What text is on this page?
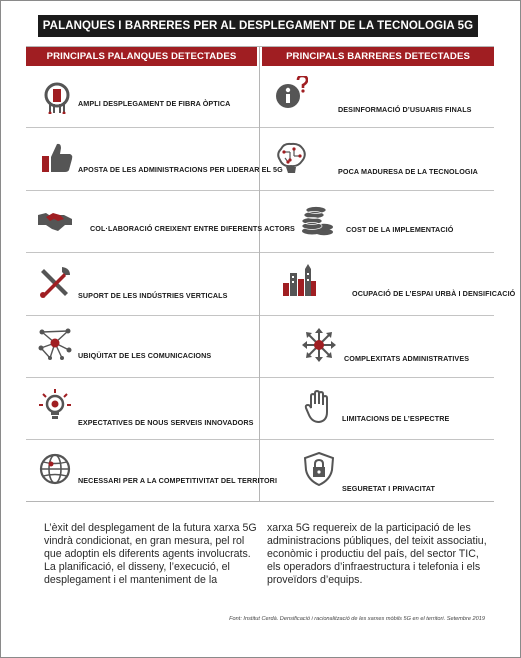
PALANQUES I BARRERES PER AL DESPLEGAMENT DE LA TECNOLOGIA 5G
PRINCIPALS PALANQUES DETECTADES
AMPLI DESPLEGAMENT DE FIBRA ÒPTICA
APOSTA DE LES ADMINISTRACIONS PER LIDERAR EL 5G
COL·LABORACIÓ CREIXENT ENTRE DIFERENTS ACTORS
SUPORT DE LES INDÚSTRIES VERTICALS
UBIQÜITAT DE LES COMUNICACIONS
EXPECTATIVES DE NOUS SERVEIS INNOVADORS
NECESSARI PER A LA COMPETITIVITAT DEL TERRITORI
PRINCIPALS BARRERES DETECTADES
DESINFORMACIÓ D’USUARIS FINALS
POCA MADURESA DE LA TECNOLOGIA
COST DE LA IMPLEMENTACIÓ
OCUPACIÓ DE L’ESPAI URBÀ I DENSIFICACIÓ
COMPLEXITATS ADMINISTRATIVES
LIMITACIONS DE L’ESPECTRE
SEGURETAT I PRIVACITAT
L’èxit del desplegament de la futura xarxa 5G vindrà condicionat, en gran mesura, pel rol que adoptin els diferents agents involucrats. La planificació, el disseny, l’execució, el desplegament i el manteniment de la
xarxa 5G requereix de la participació de les administracions públiques, del teixit associatiu, econòmic i productiu del país, del sector TIC, els operadors d’infraestructura i telefonia i els proveïdors d’equips.
Font: Institut Cerdà. Densificació i racionalització de les xarxes mòbils 5G en el territori. Setembre 2019
